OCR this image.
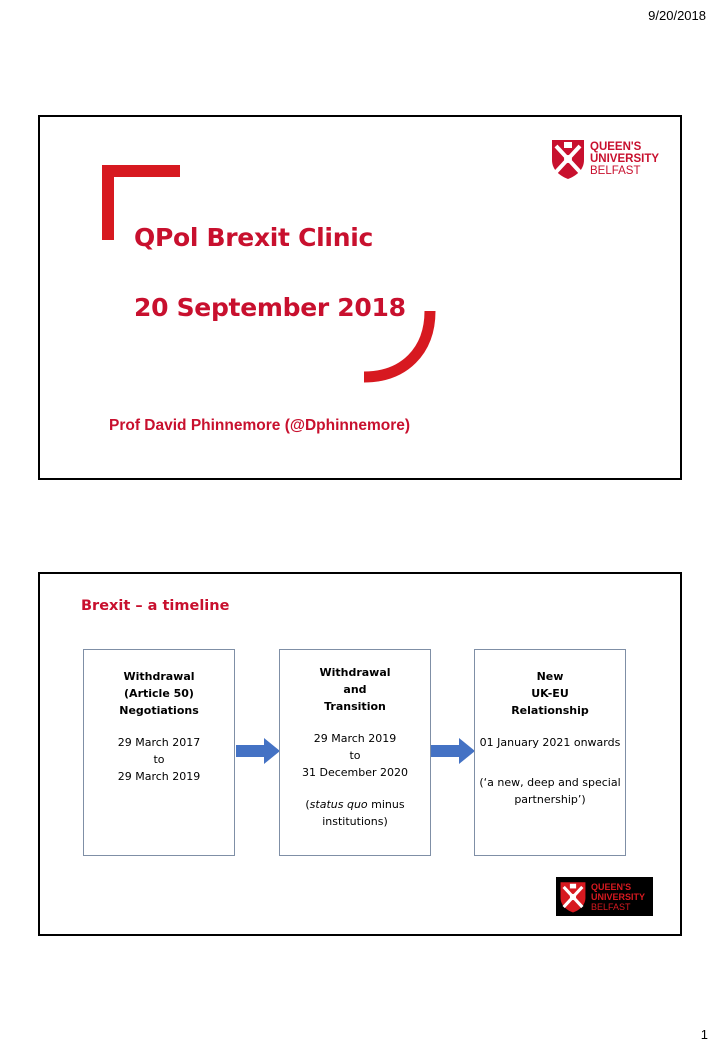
9/20/2018
QPol Brexit Clinic
20 September 2018
Prof David Phinnemore (@Dphinnemore)
QUEEN'S
UNIVERSITY
BELFAST
Brexit – a timeline
Withdrawal
(Article 50)
Negotiations
29 March 2017
to
29 March 2019
Withdrawal
and
Transition
29 March 2019
to
31 December 2020
(status quo minus
institutions)
New
UK-EU
Relationship
01 January 2021 onwards
(‘a new, deep and special
partnership’)
QUEEN'S
UNIVERSITY
BELFAST
1
